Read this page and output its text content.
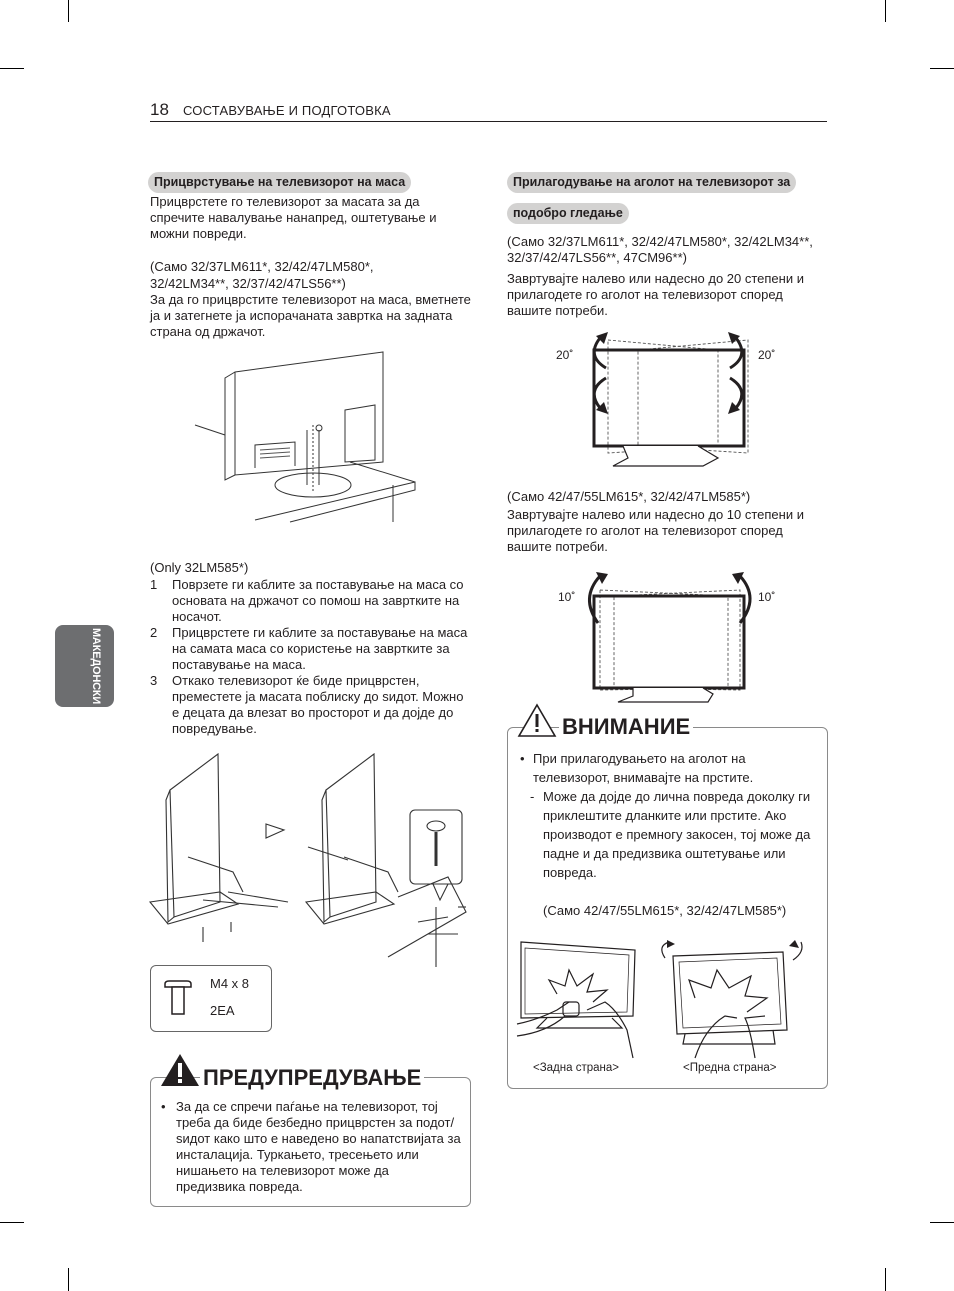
18 СОСТАВУВАЊЕ И ПОДГОТОВКА
МАКЕДОНСКИ
Прицврстување на телевизорот на маса
Прицврстете го телевизорот за масата за да спречите навалување нанапред, оштетување и можни повреди.
(Само 32/37LM611*, 32/42/47LM580*,
32/42LM34**, 32/37/42/47LS56**)
За да го прицврстите телевизорот на маса, вметнете ја и затегнете ја испорачаната завртка на задната страна од држачот.
(Only 32LM585*)
1 Поврзете ги каблите за поставување на маса со основата на држачот со помош на завртките на носачот.
2 Прицврстете ги каблите за поставување на маса на самата маса со користење на завртките за поставување на маса.
3 Откако телевизорот ќе биде прицврстен, преместете ја масата поблиску до ѕидот. Можно е децата да влезат во просторот и да дојде до повредување.
M4 x 8
2EA
ПРЕДУПРЕДУВАЊЕ
• За да се спречи паѓање на телевизорот, тој треба да биде безбедно прицврстен за подот/ѕидот како што е наведено во напатствијата за инсталација. Туркањето, тресењето или нишањето на телевизорот може да предизвика повреда.
Прилагодување на аголот на телевизорот за
подобро гледање
(Само 32/37LM611*, 32/42/47LM580*, 32/42LM34**, 32/37/42/47LS56**, 47CM96**)
Завртувајте налево или надесно до 20 степени и прилагодете го аголот на телевизорот според вашите потреби.
20˚	20˚
(Само 42/47/55LM615*, 32/42/47LM585*)
Завртувајте налево или надесно до 10 степени и прилагодете го аголот на телевизорот според вашите потреби.
10˚	10˚
ВНИМАНИЕ
• При прилагодувањето на аголот на телевизорот, внимавајте на прстите.
- Може да дојде до лична повреда доколку ги приклештите дланките или прстите. Ако производот е премногу закосен, тој може да падне и да предизвика оштетување или повреда.
(Само 42/47/55LM615*, 32/42/47LM585*)
<Задна страна>	<Предна страна>
